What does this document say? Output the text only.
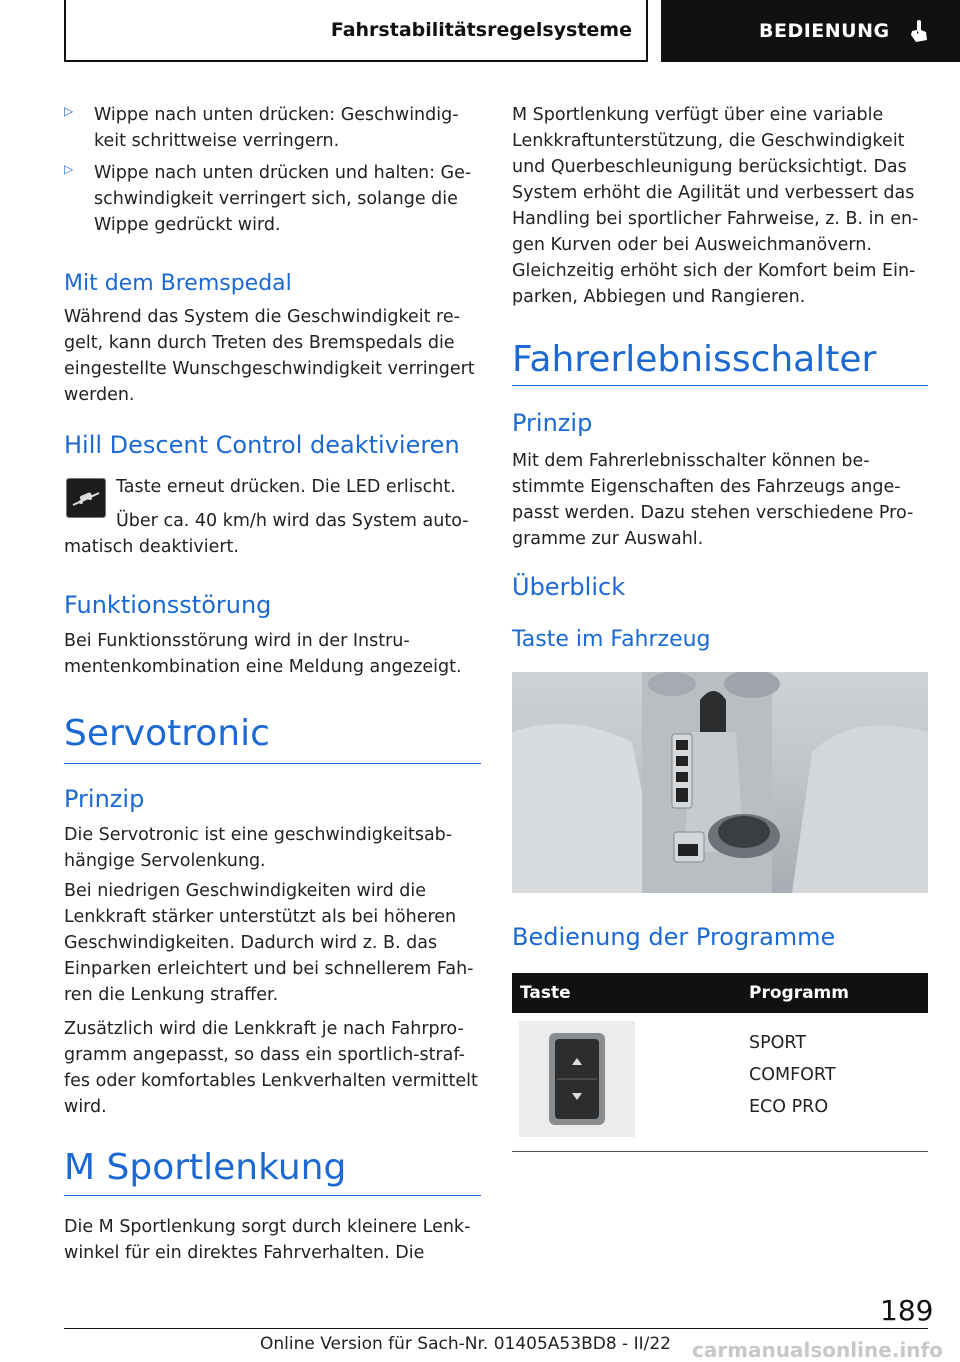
Fahrstabilitätsregelsysteme	BEDIENUNG
▷	Wippe nach unten drücken: Geschwindig-
keit schrittweise verringern.

▷	Wippe nach unten drücken und halten: Ge-
schwindigkeit verringert sich, solange die
Wippe gedrückt wird.

Mit dem Bremspedal

Während das System die Geschwindigkeit re-
gelt, kann durch Treten des Bremspedals die
eingestellte Wunschgeschwindigkeit verringert
werden.

Hill Descent Control deaktivieren

Taste erneut drücken. Die LED erlischt.

Über ca. 40 km/h wird das System auto-
matisch deaktiviert.

Funktionsstörung

Bei Funktionsstörung wird in der Instru-
mentenkombination eine Meldung angezeigt.

Servotronic
Prinzip

Die Servotronic ist eine geschwindigkeitsab-
hängige Servolenkung.

Bei niedrigen Geschwindigkeiten wird die
Lenkkraft stärker unterstützt als bei höheren
Geschwindigkeiten. Dadurch wird z. B. das
Einparken erleichtert und bei schnellerem Fah-
ren die Lenkung straffer.

Zusätzlich wird die Lenkkraft je nach Fahrpro-
gramm angepasst, so dass ein sportlich-straf-
fes oder komfortables Lenkverhalten vermittelt
wird.

M Sportlenkung

Die M Sportlenkung sorgt durch kleinere Lenk-
winkel für ein direktes Fahrverhalten. Die

M Sportlenkung verfügt über eine variable
Lenkkraftunterstützung, die Geschwindigkeit
und Querbeschleunigung berücksichtigt. Das
System erhöht die Agilität und verbessert das
Handling bei sportlicher Fahrweise, z. B. in en-
gen Kurven oder bei Ausweichmanövern.
Gleichzeitig erhöht sich der Komfort beim Ein-
parken, Abbiegen und Rangieren.

Fahrerlebnisschalter
Prinzip

Mit dem Fahrerlebnisschalter können be-
stimmte Eigenschaften des Fahrzeugs ange-
passt werden. Dazu stehen verschiedene Pro-
gramme zur Auswahl.

Überblick
Taste im Fahrzeug
Bedienung der Programme
Taste	Programm

SPORT
COMFORT
ECO PRO
189
Online Version für Sach-Nr. 01405A53BD8 - II/22 carmanualsonline.info
